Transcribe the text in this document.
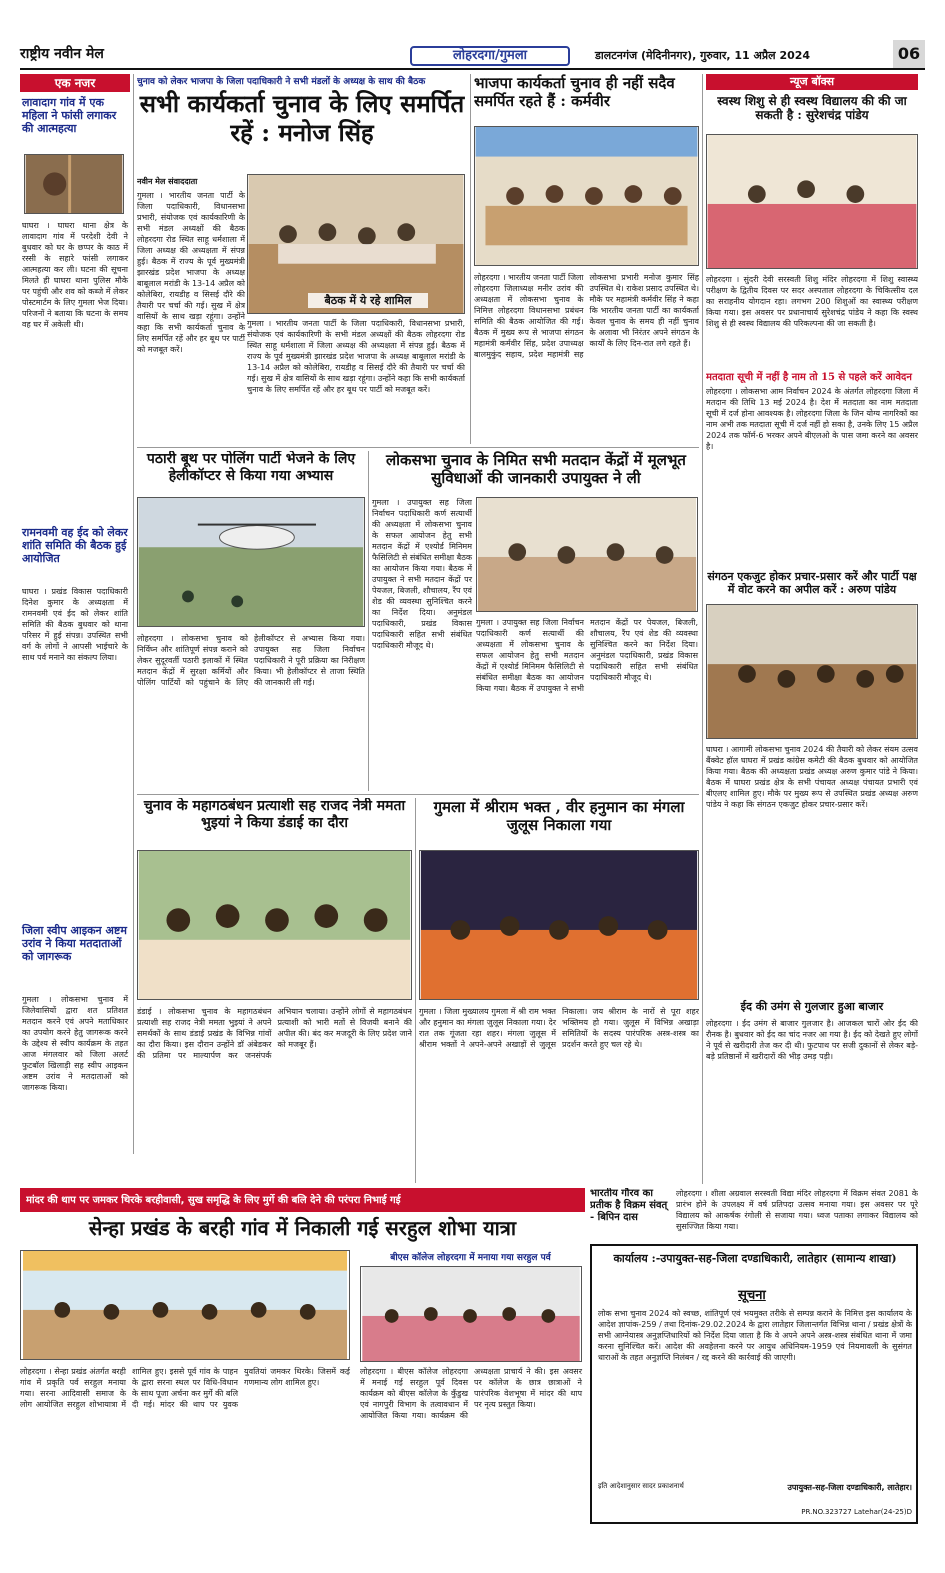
राष्ट्रीय नवीन मेल	लोहरदगा/गुमला	डालटनगंज (मेदिनीनगर), गुरुवार, 11 अप्रैल 2024	06
एक नजर
लावादाग गांव में एक महिला ने फांसी लगाकर की आत्महत्या
घाघरा । घाघरा थाना क्षेत्र के लावादाग गांव में परदेशी देवी ने बुधवार को घर के छप्पर के काठ में रस्सी के सहारे फांसी लगाकर आत्महत्या कर ली। घटना की सूचना मिलते ही घाघरा थाना पुलिस मौके पर पहुंची और शव को कब्जे में लेकर पोस्टमार्टम के लिए गुमला भेज दिया। परिजनों ने बताया कि घटना के समय वह घर में अकेली थी।
रामनवमी वह ईद को लेकर शांति समिति की बैठक हुई आयोजित
घाघरा । प्रखंड विकास पदाधिकारी दिनेश कुमार के अध्यक्षता में रामनवमी एवं ईद को लेकर शांति समिति की बैठक बुधवार को थाना परिसर में हुई संपन्न। उपस्थित सभी वर्ग के लोगों ने आपसी भाईचारे के साथ पर्व मनाने का संकल्प लिया।
जिला स्वीप आइकन अष्टम उरांव ने किया मतदाताओं को जागरूक
गुमला । लोकसभा चुनाव में जिलेवासियों द्वारा शत प्रतिशत मतदान करने एवं अपने मताधिकार का उपयोग करने हेतु जागरूक करने के उद्देश्य से स्वीप कार्यक्रम के तहत आज मंगलवार को जिला अलर्ट फुटबॉल खिलाड़ी सह स्वीप आइकन अष्टम उरांव ने मतदाताओं को जागरूक किया।
चुनाव को लेकर भाजपा के जिला पदाधिकारी ने सभी मंडलों के अध्यक्ष के साथ की बैठक
सभी कार्यकर्ता चुनाव के लिए समर्पित रहें : मनोज सिंह
बैठक में ये रहे शामिल
नवीन मेल संवाददाता
गुमला । भारतीय जनता पार्टी के जिला पदाधिकारी, विधानसभा प्रभारी, संयोजक एवं कार्यकारिणी के सभी मंडल अध्यक्षों की बैठक लोहरदगा रोड स्थित साहू धर्मशाला में जिला अध्यक्ष की अध्यक्षता में संपन्न हुई। बैठक में राज्य के पूर्व मुख्यमंत्री झारखंड प्रदेश भाजपा के अध्यक्ष बाबूलाल मरांडी के 13-14 अप्रैल को कोलेबिरा, रायडीह व सिसई दौरे की तैयारी पर चर्चा की गई। सुख में क्षेत्र वासियों के साथ खड़ा रहूंगा। उन्होंने कहा कि सभी कार्यकर्ता चुनाव के लिए समर्पित रहें और हर बूथ पर पार्टी को मजबूत करें।
गुमला । भारतीय जनता पार्टी के जिला पदाधिकारी, विधानसभा प्रभारी, संयोजक एवं कार्यकारिणी के सभी मंडल अध्यक्षों की बैठक लोहरदगा रोड स्थित साहू धर्मशाला में जिला अध्यक्ष की अध्यक्षता में संपन्न हुई। बैठक में राज्य के पूर्व मुख्यमंत्री झारखंड प्रदेश भाजपा के अध्यक्ष बाबूलाल मरांडी के 13-14 अप्रैल को कोलेबिरा, रायडीह व सिसई दौरे की तैयारी पर चर्चा की गई। सुख में क्षेत्र वासियों के साथ खड़ा रहूंगा। उन्होंने कहा कि सभी कार्यकर्ता चुनाव के लिए समर्पित रहें और हर बूथ पर पार्टी को मजबूत करें।
भाजपा कार्यकर्ता चुनाव ही नहीं सदैव समर्पित रहते हैं : कर्मवीर
लोहरदगा । भारतीय जनता पार्टी जिला लोहरदगा जिलाध्यक्ष मनीर उरांव की अध्यक्षता में लोकसभा चुनाव के निमित्त लोहरदगा विधानसभा प्रबंधन समिति की बैठक आयोजित की गई। बैठक में मुख्य रूप से भाजपा संगठन महामंत्री कर्मवीर सिंह, प्रदेश उपाध्यक्ष बालमुकुंद सहाय, प्रदेश महामंत्री सह लोकसभा प्रभारी मनोज कुमार सिंह उपस्थित थे। राकेश प्रसाद उपस्थित थे। मौके पर महामंत्री कर्मवीर सिंह ने कहा कि भारतीय जनता पार्टी का कार्यकर्ता केवल चुनाव के समय ही नहीं चुनाव के अलावा भी निरंतर अपने संगठन के कार्यों के लिए दिन-रात लगे रहते हैं।
न्यूज बॉक्स
स्वस्थ शिशु से ही स्वस्थ विद्यालय की की जा सकती है : सुरेशचंद्र पांडेय
लोहरदगा । सुंदरी देवी सरस्वती शिशु मंदिर लोहरदगा में शिशु स्वास्थ्य परीक्षण के द्वितीय दिवस पर सदर अस्पताल लोहरदगा के चिकित्सीय दल का सराहनीय योगदान रहा। लगभग 200 शिशुओं का स्वास्थ्य परीक्षण किया गया। इस अवसर पर प्रधानाचार्य सुरेशचंद्र पांडेय ने कहा कि स्वस्थ शिशु से ही स्वस्थ विद्यालय की परिकल्पना की जा सकती है।
मतदाता सूची में नहीं है नाम तो 15 से पहले करें आवेदन
लोहरदगा । लोकसभा आम निर्वाचन 2024 के अंतर्गत लोहरदगा जिला में मतदान की तिथि 13 मई 2024 है। देश में मतदाता का नाम मतदाता सूची में दर्ज होना आवश्यक है। लोहरदगा जिला के जिन योग्य नागरिकों का नाम अभी तक मतदाता सूची में दर्ज नहीं हो सका है, उनके लिए 15 अप्रैल 2024 तक फॉर्म-6 भरकर अपने बीएलओ के पास जमा करने का अवसर है।
संगठन एकजुट होकर प्रचार-प्रसार करें और पार्टी पक्ष में वोट करने का अपील करें : अरुण पांडेय
घाघरा । आगामी लोकसभा चुनाव 2024 की तैयारी को लेकर संयम उत्सव बैंक्वेट हॉल घाघरा में प्रखंड कांग्रेस कमेटी की बैठक बुधवार को आयोजित किया गया। बैठक की अध्यक्षता प्रखंड अध्यक्ष अरुण कुमार पांडे ने किया। बैठक में घाघरा प्रखंड क्षेत्र के सभी पंचायत अध्यक्ष पंचायत प्रभारी एवं बीएलए शामिल हुए। मौके पर मुख्य रूप से उपस्थित प्रखंड अध्यक्ष अरुण पांडेय ने कहा कि संगठन एकजुट होकर प्रचार-प्रसार करें।
ईद की उमंग से गुलजार हुआ बाजार
लोहरदगा । ईद उमंग से बाजार गुलजार है। आजकल चारों ओर ईद की रौनक है। बुधवार को ईद का चांद नजर आ गया है। ईद को देखते हुए लोगों ने पूर्व से खरीदारी तेज कर दी थी। फुटपाथ पर सजी दुकानों से लेकर बड़े-बड़े प्रतिष्ठानों में खरीदारों की भीड़ उमड़ पड़ी।
पठारी बूथ पर पोलिंग पार्टी भेजने के लिए हेलीकॉप्टर से किया गया अभ्यास
लोहरदगा । लोकसभा चुनाव को निर्विघ्न और शांतिपूर्ण संपन्न कराने को लेकर सुदूरवर्ती पठारी इलाकों में स्थित मतदान केंद्रों में सुरक्षा कर्मियों और पोलिंग पार्टियों को पहुंचाने के लिए हेलीकॉप्टर से अभ्यास किया गया। उपायुक्त सह जिला निर्वाचन पदाधिकारी ने पूरी प्रक्रिया का निरीक्षण किया। भी हेलीकॉप्टर से ताजा स्थिति की जानकारी ली गई।
लोकसभा चुनाव के निमित सभी मतदान केंद्रों में मूलभूत सुविधाओं की जानकारी उपायुक्त ने ली
गुमला । उपायुक्त सह जिला निर्वाचन पदाधिकारी कर्ण सत्यार्थी की अध्यक्षता में लोकसभा चुनाव के सफल आयोजन हेतु सभी मतदान केंद्रों में एश्योर्ड मिनिमम फैसिलिटी से संबंधित समीक्षा बैठक का आयोजन किया गया। बैठक में उपायुक्त ने सभी मतदान केंद्रों पर पेयजल, बिजली, शौचालय, रैंप एवं शेड की व्यवस्था सुनिश्चित करने का निर्देश दिया। अनुमंडल पदाधिकारी, प्रखंड विकास पदाधिकारी सहित सभी संबंधित पदाधिकारी मौजूद थे।
गुमला । उपायुक्त सह जिला निर्वाचन पदाधिकारी कर्ण सत्यार्थी की अध्यक्षता में लोकसभा चुनाव के सफल आयोजन हेतु सभी मतदान केंद्रों में एश्योर्ड मिनिमम फैसिलिटी से संबंधित समीक्षा बैठक का आयोजन किया गया। बैठक में उपायुक्त ने सभी मतदान केंद्रों पर पेयजल, बिजली, शौचालय, रैंप एवं शेड की व्यवस्था सुनिश्चित करने का निर्देश दिया। अनुमंडल पदाधिकारी, प्रखंड विकास पदाधिकारी सहित सभी संबंधित पदाधिकारी मौजूद थे।
चुनाव के महागठबंधन प्रत्याशी सह राजद नेत्री ममता भुइयां ने किया डंडाई का दौरा
डंडाई । लोकसभा चुनाव के महागठबंधन प्रत्याशी सह राजद नेत्री ममता भुइयां ने अपने समर्थकों के साथ डंडाई प्रखंड के विभिन्न गांवों का दौरा किया। इस दौरान उन्होंने डॉ अंबेडकर की प्रतिमा पर माल्यार्पण कर जनसंपर्क अभियान चलाया। उन्होंने लोगों से महागठबंधन प्रत्याशी को भारी मतों से विजयी बनाने की अपील की। बंद कर मजदूरी के लिए प्रदेश जाने को मजबूर हैं।
गुमला में श्रीराम भक्त , वीर हनुमान का मंगला जुलूस निकाला गया
गुमला । जिला मुख्यालय गुमला में श्री राम भक्त और हनुमान का मंगला जुलूस निकाला गया। देर रात तक गूंजता रहा शहर। मंगला जुलूस में श्रीराम भक्तों ने अपने-अपने अखाड़ों से जुलूस निकाला। जय श्रीराम के नारों से पूरा शहर भक्तिमय हो गया। जुलूस में विभिन्न अखाड़ा समितियों के सदस्य पारंपरिक अस्त्र-शस्त्र का प्रदर्शन करते हुए चल रहे थे।
मांदर की थाप पर जमकर थिरके बरहीवासी, सुख समृद्धि के लिए मुर्गे की बलि देने की परंपरा निभाई गई
भारतीय गौरव का प्रतीक है विक्रम संवत् - बिपिन दास
लोहरदगा । शीला अग्रवाल सरस्वती विद्या मंदिर लोहरदगा में विक्रम संवत 2081 के प्रारंभ होने के उपलक्ष्य में वर्ष प्रतिपदा उत्सव मनाया गया। इस अवसर पर पूरे विद्यालय को आकर्षक रंगोली से सजाया गया। ध्वज पताका लगाकर विद्यालय को सुसज्जित किया गया।
सेन्हा प्रखंड के बरही गांव में निकाली गई सरहुल शोभा यात्रा
बीएस कॉलेज लोहरदगा में मनाया गया सरहुल पर्व
लोहरदगा । सेन्हा प्रखंड अंतर्गत बरही गांव में प्रकृति पर्व सरहुल मनाया गया। सरना आदिवासी समाज के लोग आयोजित सरहुल शोभायात्रा में शामिल हुए। इससे पूर्व गांव के पाहन के द्वारा सरना स्थल पर विधि-विधान के साथ पूजा अर्चना कर मुर्गे की बलि दी गई। मांदर की थाप पर युवक युवतियां जमकर थिरके। जिसमें कई गणमान्य लोग शामिल हुए।
लोहरदगा । बीएस कॉलेज लोहरदगा में मनाई गई सरहुल पूर्व दिवस कार्यक्रम को बीएस कॉलेज के कुँडुख एवं नागपुरी विभाग के तत्वावधान में आयोजित किया गया। कार्यक्रम की अध्यक्षता प्राचार्य ने की। इस अवसर पर कॉलेज के छात्र छात्राओं ने पारंपरिक वेशभूषा में मांदर की थाप पर नृत्य प्रस्तुत किया।
कार्यालय :-उपायुक्त-सह-जिला दण्डाधिकारी, लातेहार (सामान्य शाखा)
सूचना
लोक सभा चुनाव 2024 को स्वच्छ, शांतिपूर्ण एवं भयमुक्त तरीके से सम्पन्न कराने के निमित्त इस कार्यालय के आदेश ज्ञापांक-259 / तथा दिनांक-29.02.2024 के द्वारा लातेहार जिलान्तर्गत विभिन्न थाना / प्रखंड क्षेत्रों के सभी आग्नेयास्त्र अनुज्ञप्तिधारियों को निर्देश दिया जाता है कि वे अपने अपने अस्त्र-शस्त्र संबंधित थाना में जमा करना सुनिश्चित करें। आदेश की अवहेलना करने पर आयुध अधिनियम-1959 एवं नियमावली के सुसंगत धाराओं के तहत अनुज्ञप्ति निलंबन / रद्द करने की कार्रवाई की जाएगी।
इति आदेशानुसार सादर प्रकाशनार्थ	उपायुक्त-सह-जिला दण्डाधिकारी, लातेहार।
PR.NO.323727 Latehar(24-25)D
